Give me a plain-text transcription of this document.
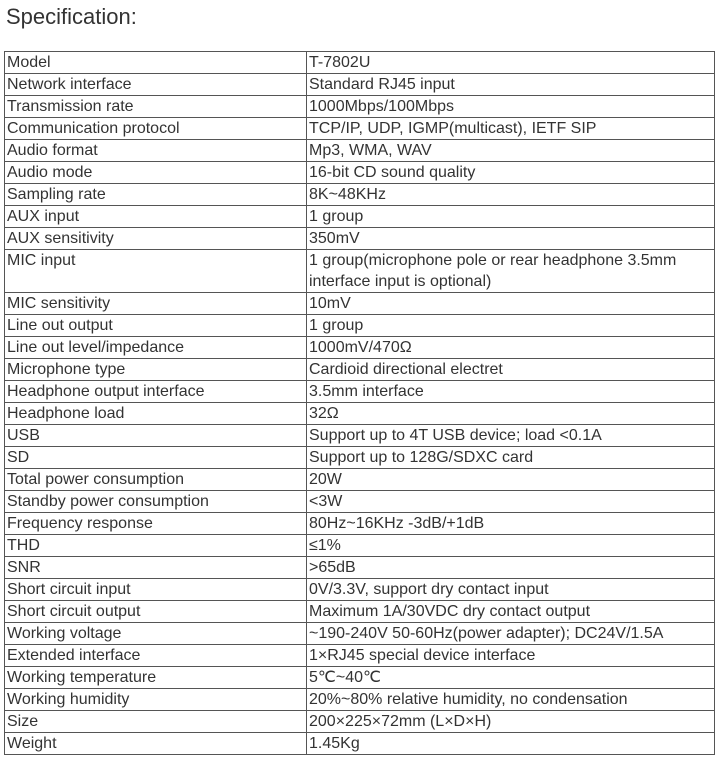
Specification:
Model	T-7802U
Network interface	Standard RJ45 input
Transmission rate	1000Mbps/100Mbps
Communication protocol	TCP/IP, UDP, IGMP(multicast), IETF SIP
Audio format	Mp3, WMA, WAV
Audio mode	16-bit CD sound quality
Sampling rate	8K~48KHz
AUX input	1 group
AUX sensitivity	350mV
MIC input	1 group(microphone pole or rear headphone 3.5mm interface input is optional)
MIC sensitivity	10mV
Line out output	1 group
Line out level/impedance	1000mV/470Ω
Microphone type	Cardioid directional electret
Headphone output interface	3.5mm interface
Headphone load	32Ω
USB	Support up to 4T USB device; load <0.1A
SD	Support up to 128G/SDXC card
Total power consumption	20W
Standby power consumption	<3W
Frequency response	80Hz~16KHz -3dB/+1dB
THD	≤1%
SNR	>65dB
Short circuit input	0V/3.3V, support dry contact input
Short circuit output	Maximum 1A/30VDC dry contact output
Working voltage	~190-240V 50-60Hz(power adapter); DC24V/1.5A
Extended interface	1×RJ45 special device interface
Working temperature	5℃~40℃
Working humidity	20%~80% relative humidity, no condensation
Size	200×225×72mm (L×D×H)
Weight	1.45Kg
